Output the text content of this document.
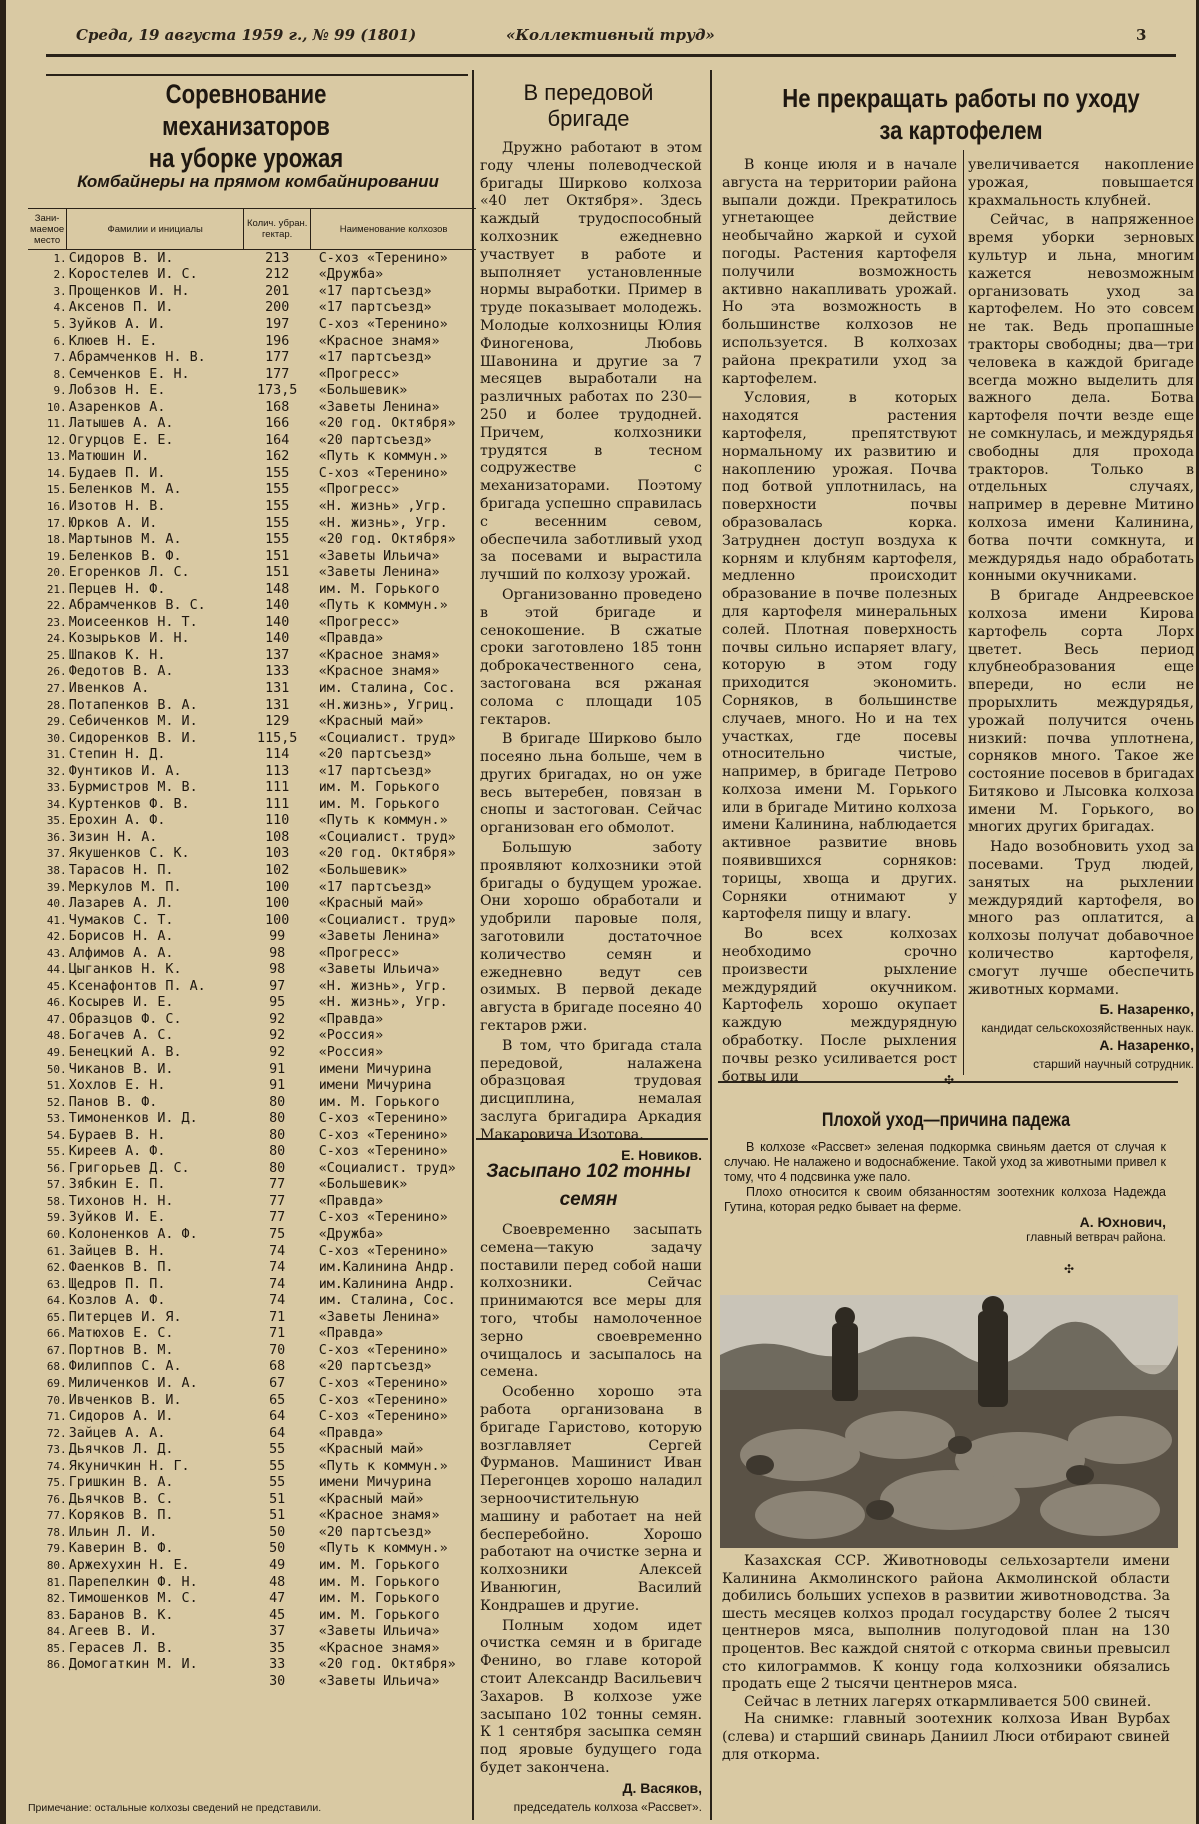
Среда, 19 августа 1959 г., № 99 (1801)	«Коллективный труд»	3
Соревнование механизаторов
на уборке урожая
Комбайнеры на прямом комбайнировании
Зани-маемое место	Фамилии и инициалы	Колич. убран. гектар.	Наименование колхозов
1.	Сидоров В. И.	213	С-хоз «Теренино»
2.	Коростелев И. С.	212	«Дружба»
3.	Прощенков И. Н.	201	«17 партсъезд»
4.	Аксенов П. И.	200	«17 партсъезд»
5.	Зуйков А. И.	197	С-хоз «Теренино»
6.	Клюев Н. Е.	196	«Красное знамя»
7.	Абрамченков Н. В.	177	«17 партсъезд»
8.	Семченков Е. Н.	177	«Прогресс»
9.	Лобзов Н. Е.	173,5	«Большевик»
10.	Азаренков А.	168	«Заветы Ленина»
11.	Латышев А. А.	166	«20 год. Октября»
12.	Огурцов Е. Е.	164	«20 партсъезд»
13.	Матюшин И.	162	«Путь к коммун.»
14.	Будаев П. И.	155	С-хоз «Теренино»
15.	Беленков М. А.	155	«Прогресс»
16.	Изотов Н. В.	155	«Н. жизнь» ,Угр.
17.	Юрков А. И.	155	«Н. жизнь», Угр.
18.	Мартынов М. А.	155	«20 год. Октября»
19.	Беленков В. Ф.	151	«Заветы Ильича»
20.	Егоренков Л. С.	151	«Заветы Ленина»
21.	Перцев Н. Ф.	148	им. М. Горького
22.	Абрамченков В. С.	140	«Путь к коммун.»
23.	Моисеенков Н. Т.	140	«Прогресс»
24.	Козырьков И. Н.	140	«Правда»
25.	Шпаков К. Н.	137	«Красное знамя»
26.	Федотов В. А.	133	«Красное знамя»
27.	Ивенков А.	131	им. Сталина, Сос.
28.	Потапенков В. А.	131	«Н.жизнь», Угриц.
29.	Себиченков М. И.	129	«Красный май»
30.	Сидоренков В. И.	115,5	«Социалист. труд»
31.	Степин Н. Д.	114	«20 партсъезд»
32.	Фунтиков И. А.	113	«17 партсъезд»
33.	Бурмистров М. В.	111	им. М. Горького
34.	Куртенков Ф. В.	111	им. М. Горького
35.	Ерохин А. Ф.	110	«Путь к коммун.»
36.	Зизин Н. А.	108	«Социалист. труд»
37.	Якушенков С. К.	103	«20 год. Октября»
38.	Тарасов Н. П.	102	«Большевик»
39.	Меркулов М. П.	100	«17 партсъезд»
40.	Лазарев А. Л.	100	«Красный май»
41.	Чумаков С. Т.	100	«Социалист. труд»
42.	Борисов Н. А.	99	«Заветы Ленина»
43.	Алфимов А. А.	98	«Прогресс»
44.	Цыганков Н. К.	98	«Заветы Ильича»
45.	Ксенафонтов П. А.	97	«Н. жизнь», Угр.
46.	Косырев И. Е.	95	«Н. жизнь», Угр.
47.	Образцов Ф. С.	92	«Правда»
48.	Богачев А. С.	92	«Россия»
49.	Бенецкий А. В.	92	«Россия»
50.	Чиканов В. И.	91	имени Мичурина
51.	Хохлов Е. Н.	91	имени Мичурина
52.	Панов В. Ф.	80	им. М. Горького
53.	Тимоненков И. Д.	80	С-хоз «Теренино»
54.	Бураев В. Н.	80	С-хоз «Теренино»
55.	Киреев А. Ф.	80	С-хоз «Теренино»
56.	Григорьев Д. С.	80	«Социалист. труд»
57.	Зябкин Е. П.	77	«Большевик»
58.	Тихонов Н. Н.	77	«Правда»
59.	Зуйков И. Е.	77	С-хоз «Теренино»
60.	Колоненков А. Ф.	75	«Дружба»
61.	Зайцев В. Н.	74	С-хоз «Теренино»
62.	Фаенков В. П.	74	им.Калинина Андр.
63.	Щедров П. П.	74	им.Калинина Андр.
64.	Козлов А. Ф.	74	им. Сталина, Сос.
65.	Питерцев И. Я.	71	«Заветы Ленина»
66.	Матюхов Е. С.	71	«Правда»
67.	Портнов В. М.	70	С-хоз «Теренино»
68.	Филиппов С. А.	68	«20 партсъезд»
69.	Миличенков И. А.	67	С-хоз «Теренино»
70.	Ивченков В. И.	65	С-хоз «Теренино»
71.	Сидоров А. И.	64	С-хоз «Теренино»
72.	Зайцев А. А.	64	«Правда»
73.	Дьячков Л. Д.	55	«Красный май»
74.	Якуничкин Н. Г.	55	«Путь к коммун.»
75.	Гришкин В. А.	55	имени Мичурина
76.	Дьячков В. С.	51	«Красный май»
77.	Коряков В. П.	51	«Красное знамя»
78.	Ильин Л. И.	50	«20 партсъезд»
79.	Каверин В. Ф.	50	«Путь к коммун.»
80.	Аржехухин Н. Е.	49	им. М. Горького
81.	Парепелкин Ф. Н.	48	им. М. Горького
82.	Тимошенков М. С.	47	им. М. Горького
83.	Баранов В. К.	45	им. М. Горького
84.	Агеев В. И.	37	«Заветы Ильича»
85.	Герасев Л. В.	35	«Красное знамя»
86.	Домогаткин М. И.	33	«20 год. Октября»
		30	«Заветы Ильича»
Примечание: остальные колхозы сведений не представили.
В передовой
бригаде

Дружно работают в этом году члены полеводческой бригады Ширково колхоза «40 лет Октября». Здесь каждый трудоспособный колхозник ежедневно участвует в работе и выполняет установленные нормы выработки. Пример в труде показывает молодежь. Молодые колхозницы Юлия Финогенова, Любовь Шавонина и другие за 7 месяцев выработали на различных работах по 230—250 и более трудодней. Причем, колхозники трудятся в тесном содружестве с механизаторами. Поэтому бригада успешно справилась с весенним севом, обеспечила заботливый уход за посевами и вырастила лучший по колхозу урожай.

Организованно проведено в этой бригаде и сенокошение. В сжатые сроки заготовлено 185 тонн доброкачественного сена, застогована вся ржаная солома с площади 105 гектаров.

В бригаде Ширково было посеяно льна больше, чем в других бригадах, но он уже весь вытеребен, повязан в снопы и застогован. Сейчас организован его обмолот.

Большую заботу проявляют колхозники этой бригады о будущем урожае. Они хорошо обработали и удобрили паровые поля, заготовили достаточное количество семян и ежедневно ведут сев озимых. В первой декаде августа в бригаде посеяно 40 гектаров ржи.

В том, что бригада стала передовой, налажена образцовая трудовая дисциплина, немалая заслуга бригадира Аркадия Макаровича Изотова.

Е. Новиков.

Засыпано 102 тонны
семян

Своевременно засыпать семена—такую задачу поставили перед собой наши колхозники. Сейчас принимаются все меры для того, чтобы намолоченное зерно своевременно очищалось и засыпалось на семена.

Особенно хорошо эта работа организована в бригаде Гаристово, которую возглавляет Сергей Фурманов. Машинист Иван Перегонцев хорошо наладил зерноочистительную машину и работает на ней бесперебойно. Хорошо работают на очистке зерна и колхозники Алексей Иванюгин, Василий Кондрашев и другие.

Полным ходом идет очистка семян и в бригаде Фенино, во главе которой стоит Александр Васильевич Захаров. В колхозе уже засыпано 102 тонны семян. К 1 сентября засыпка семян под яровые будущего года будет закончена.

Д. Васяков,

председатель колхоза «Рассвет».

Не прекращать работы по уходу
за картофелем

В конце июля и в начале августа на территории района выпали дожди. Прекратилось угнетающее действие необычайно жаркой и сухой погоды. Растения картофеля получили возможность активно накапливать урожай. Но эта возможность в большинстве колхозов не используется. В колхозах района прекратили уход за картофелем.

Условия, в которых находятся растения картофеля, препятствуют нормальному их развитию и накоплению урожая. Почва под ботвой уплотнилась, на поверхности почвы образовалась корка. Затруднен доступ воздуха к корням и клубням картофеля, медленно происходит образование в почве полезных для картофеля минеральных солей. Плотная поверхность почвы сильно испаряет влагу, которую в этом году приходится экономить. Сорняков, в большинстве случаев, много. Но и на тех участках, где посевы относительно чистые, например, в бригаде Петрово колхоза имени М. Горького или в бригаде Митино колхоза имени Калинина, наблюдается активное развитие вновь появившихся сорняков: торицы, хвоща и других. Сорняки отнимают у картофеля пищу и влагу.

Во всех колхозах необходимо срочно произвести рыхление междурядий окучником. Картофель хорошо окупает каждую междурядную обработку. После рыхления почвы резко усиливается рост ботвы или

увеличивается накопление урожая, повышается крахмальность клубней.

Сейчас, в напряженное время уборки зерновых культур и льна, многим кажется невозможным организовать уход за картофелем. Но это совсем не так. Ведь пропашные тракторы свободны; два—три человека в каждой бригаде всегда можно выделить для важного дела. Ботва картофеля почти везде еще не сомкнулась, и междурядья свободны для прохода тракторов. Только в отдельных случаях, например в деревне Митино колхоза имени Калинина, ботва почти сомкнута, и междурядья надо обработать конными окучниками.

В бригаде Андреевское колхоза имени Кирова картофель сорта Лорх цветет. Весь период клубнеобразования еще впереди, но если не прорыхлить междурядья, урожай получится очень низкий: почва уплотнена, сорняков много. Такое же состояние посевов в бригадах Битяково и Лысовка колхоза имени М. Горького, во многих других бригадах.

Надо возобновить уход за посевами. Труд людей, занятых на рыхлении междурядий картофеля, во много раз оплатится, а колхозы получат добавочное количество картофеля, смогут лучше обеспечить животных кормами.

Б. Назаренко,

кандидат сельскохозяйственных наук.

А. Назаренко,

старший научный сотрудник.

✣
Плохой уход—причина падежа

В колхозе «Рассвет» зеленая подкормка свиньям дается от случая к случаю. Не налажено и водоснабжение. Такой уход за животными привел к тому, что 4 подсвинка уже пало.

Плохо относится к своим обязанностям зоотехник колхоза Надежда Гутина, которая редко бывает на ферме.

А. Юхнович,

главный ветврач района.

✣

Казахская ССР. Животноводы сельхозартели имени Калинина Акмолинского района Акмолинской области добились больших успехов в развитии животноводства. За шесть месяцев колхоз продал государству более 2 тысяч центнеров мяса, выполнив полугодовой план на 130 процентов. Вес каждой снятой с откорма свиньи превысил сто килограммов. К концу года колхозники обязались продать еще 2 тысячи центнеров мяса.

Сейчас в летних лагерях откармливается 500 свиней.

На снимке: главный зоотехник колхоза Иван Вурбах (слева) и старший свинарь Даниил Люси отбирают свиней для откорма.
